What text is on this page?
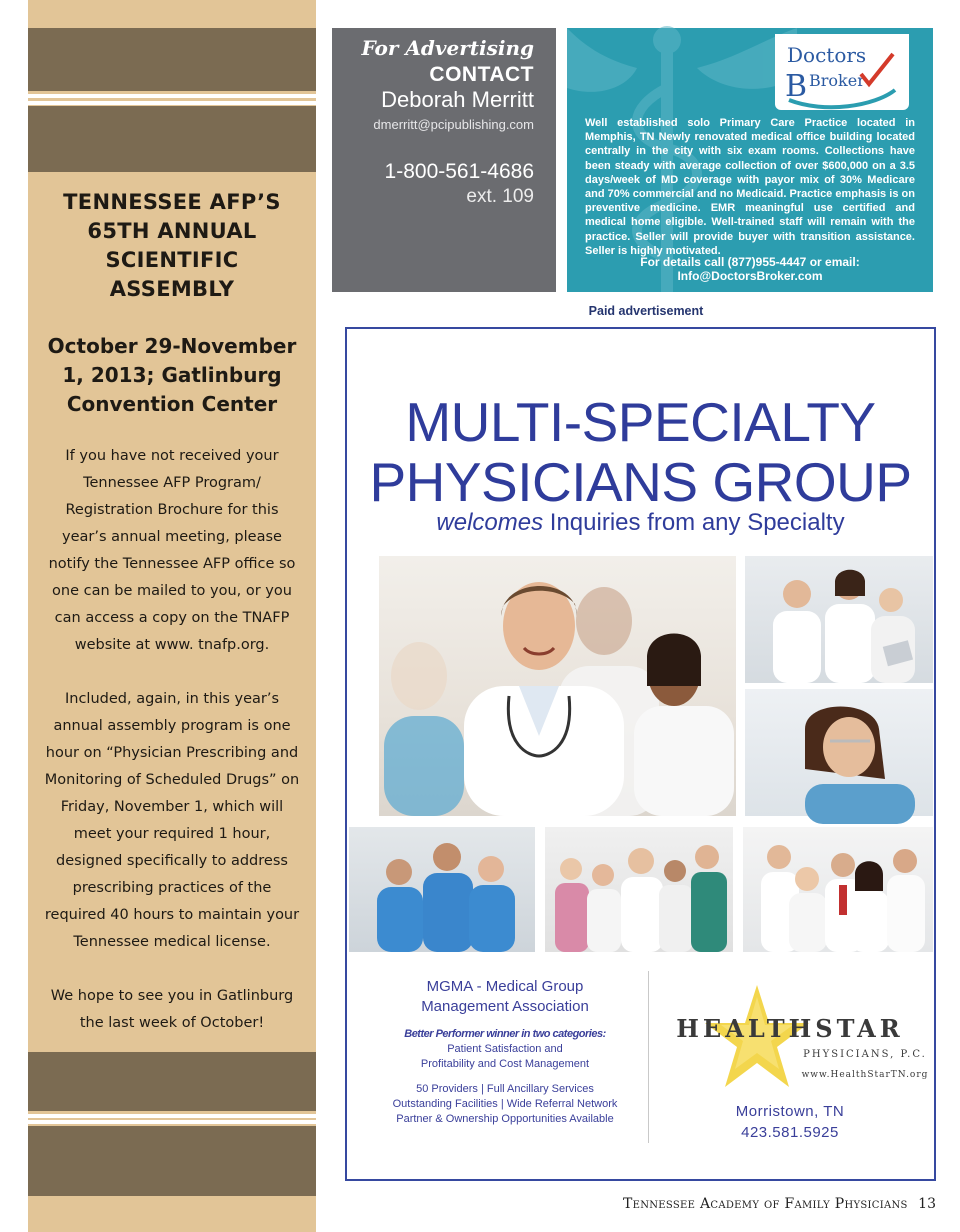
TENNESSEE AFP’S 65TH ANNUAL SCIENTIFIC ASSEMBLY

October 29-November 1, 2013; Gatlinburg Convention Center

If you have not received your Tennessee AFP Program/ Registration Brochure for this year’s annual meeting, please notify the Tennessee AFP office so one can be mailed to you, or you can access a copy on the TNAFP website at www. tnafp.org.

Included, again, in this year’s annual assembly program is one hour on “Physician Prescribing and Monitoring of Scheduled Drugs” on Friday, November 1, which will meet your required 1 hour, designed specifically to address prescribing practices of the required 40 hours to maintain your Tennessee medical license.

We hope to see you in Gatlinburg the last week of October!

For Advertising
CONTACT
Deborah Merritt
dmerritt@pcipublishing.com
1-800-561-4686
ext. 109
Doctors
B Broker
Well established solo Primary Care Practice located in Memphis, TN Newly renovated medical office building located centrally in the city with six exam rooms. Collections have been steady with average collection of over $600,000 on a 3.5 days/week of MD coverage with payor mix of 30% Medicare and 70% commercial and no Medicaid. Practice emphasis is on preventive medicine. EMR meaningful use certified and medical home eligible. Well-trained staff will remain with the practice. Seller will provide buyer with transition assistance. Seller is highly motivated.
For details call (877)955-4447 or email:
Info@DoctorsBroker.com
Paid advertisement
MULTI-SPECIALTY
PHYSICIANS GROUP
welcomes Inquiries from any Specialty
MGMA - Medical Group
Management Association
Better Performer winner in two categories:
Patient Satisfaction and
Profitability and Cost Management
50 Providers | Full Ancillary Services
Outstanding Facilities | Wide Referral Network
Partner & Ownership Opportunities Available
HEALTHSTAR
PHYSICIANS, P.C.
www.HealthStarTN.org
Morristown, TN
423.581.5925
Tennessee Academy of Family Physicians 13
